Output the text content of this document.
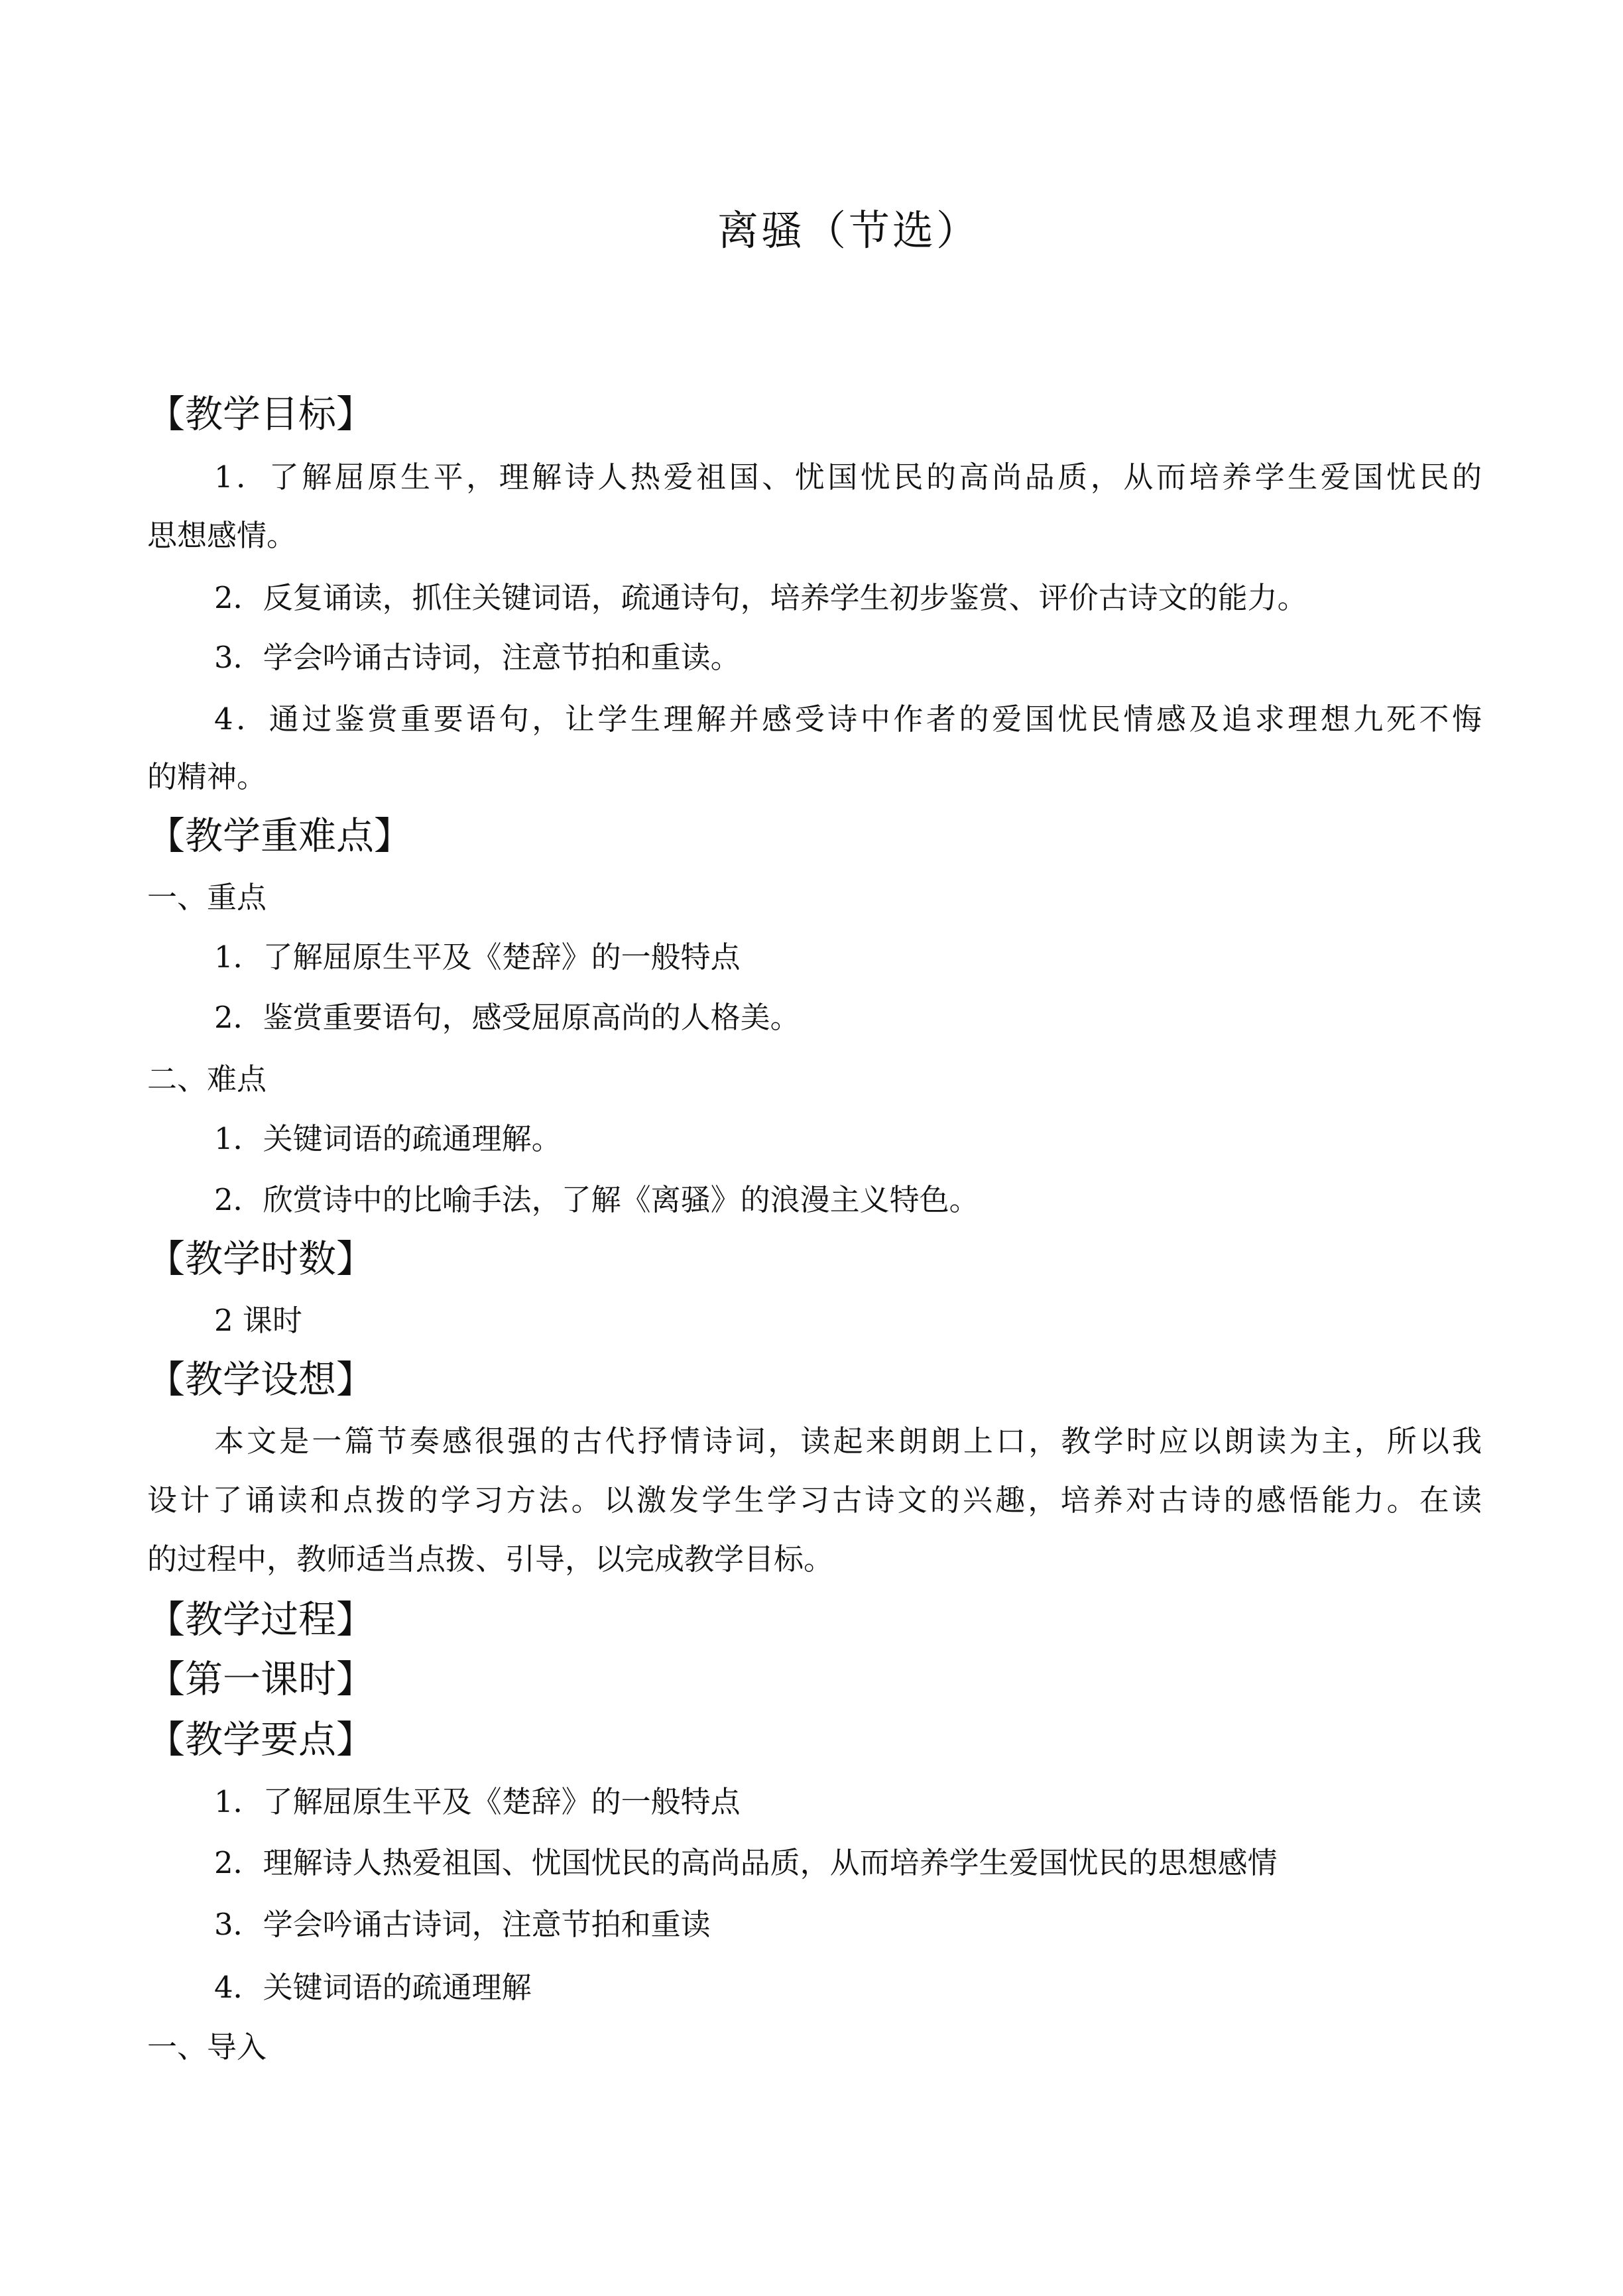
离骚（节选）
【教学目标】
1．了解屈原生平，理解诗人热爱祖国、忧国忧民的高尚品质，从而培养学生爱国忧民的
思想感情。
2．反复诵读，抓住关键词语，疏通诗句，培养学生初步鉴赏、评价古诗文的能力。
3．学会吟诵古诗词，注意节拍和重读。
4．通过鉴赏重要语句，让学生理解并感受诗中作者的爱国忧民情感及追求理想九死不悔
的精神。
【教学重难点】
一、重点
1．了解屈原生平及《楚辞》的一般特点
2．鉴赏重要语句，感受屈原高尚的人格美。
二、难点
1．关键词语的疏通理解。
2．欣赏诗中的比喻手法，了解《离骚》的浪漫主义特色。
【教学时数】
2 课时
【教学设想】
本文是一篇节奏感很强的古代抒情诗词，读起来朗朗上口，教学时应以朗读为主，所以我
设计了诵读和点拨的学习方法。以激发学生学习古诗文的兴趣，培养对古诗的感悟能力。在读
的过程中，教师适当点拨、引导，以完成教学目标。
【教学过程】
【第一课时】
【教学要点】
1．了解屈原生平及《楚辞》的一般特点
2．理解诗人热爱祖国、忧国忧民的高尚品质，从而培养学生爱国忧民的思想感情
3．学会吟诵古诗词，注意节拍和重读
4．关键词语的疏通理解
一、导入
